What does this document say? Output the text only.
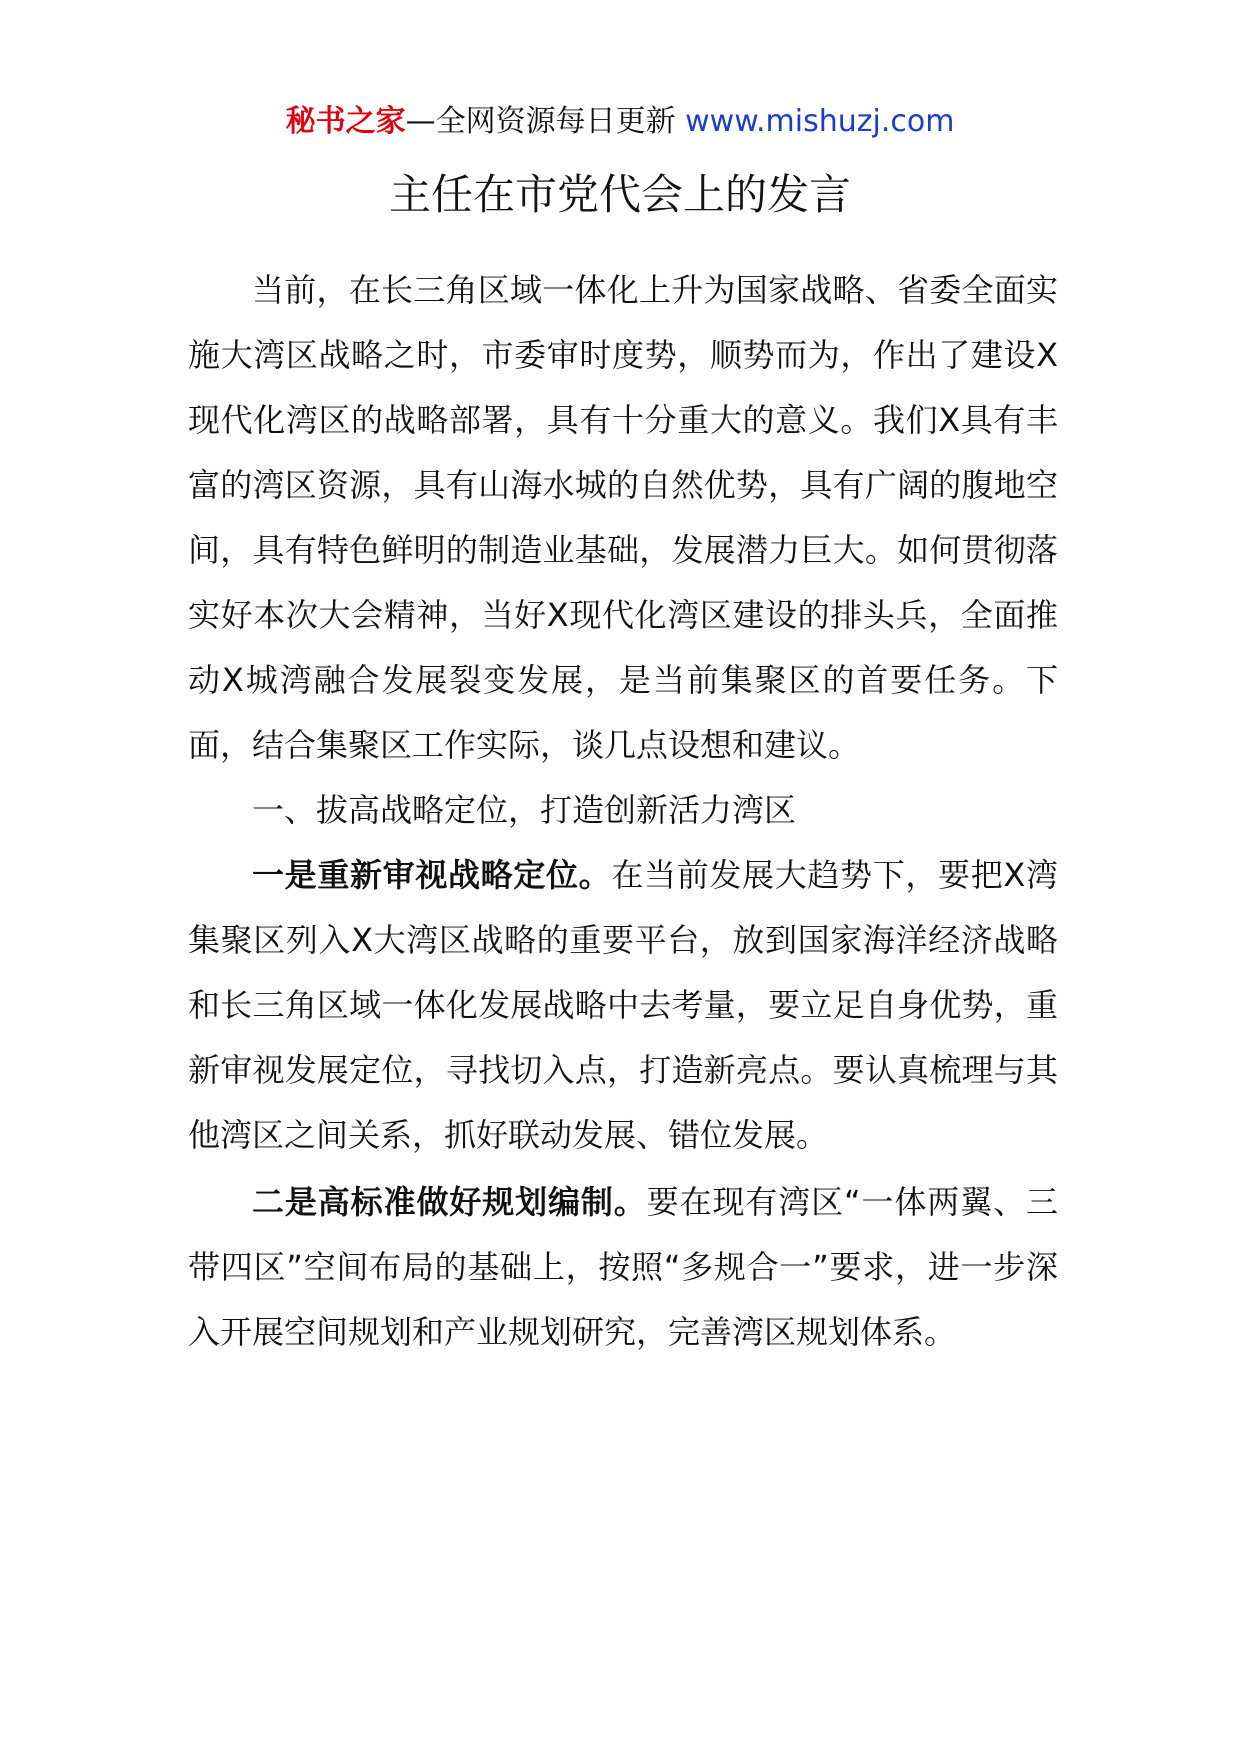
秘书之家—全网资源每日更新 www.mishuzj.com
主任在市党代会上的发言

当前，在长三角区域一体化上升为国家战略、省委全面实施大湾区战略之时，市委审时度势，顺势而为，作出了建设X现代化湾区的战略部署，具有十分重大的意义。我们X具有丰富的湾区资源，具有山海水城的自然优势，具有广阔的腹地空间，具有特色鲜明的制造业基础，发展潜力巨大。如何贯彻落实好本次大会精神，当好X现代化湾区建设的排头兵，全面推动X城湾融合发展裂变发展，是当前集聚区的首要任务。下面，结合集聚区工作实际，谈几点设想和建议。

一、拔高战略定位，打造创新活力湾区

一是重新审视战略定位。在当前发展大趋势下，要把X湾集聚区列入X大湾区战略的重要平台，放到国家海洋经济战略和长三角区域一体化发展战略中去考量，要立足自身优势，重新审视发展定位，寻找切入点，打造新亮点。要认真梳理与其他湾区之间关系，抓好联动发展、错位发展。

二是高标准做好规划编制。要在现有湾区“一体两翼、三带四区”空间布局的基础上，按照“多规合一”要求，进一步深入开展空间规划和产业规划研究，完善湾区规划体系。
